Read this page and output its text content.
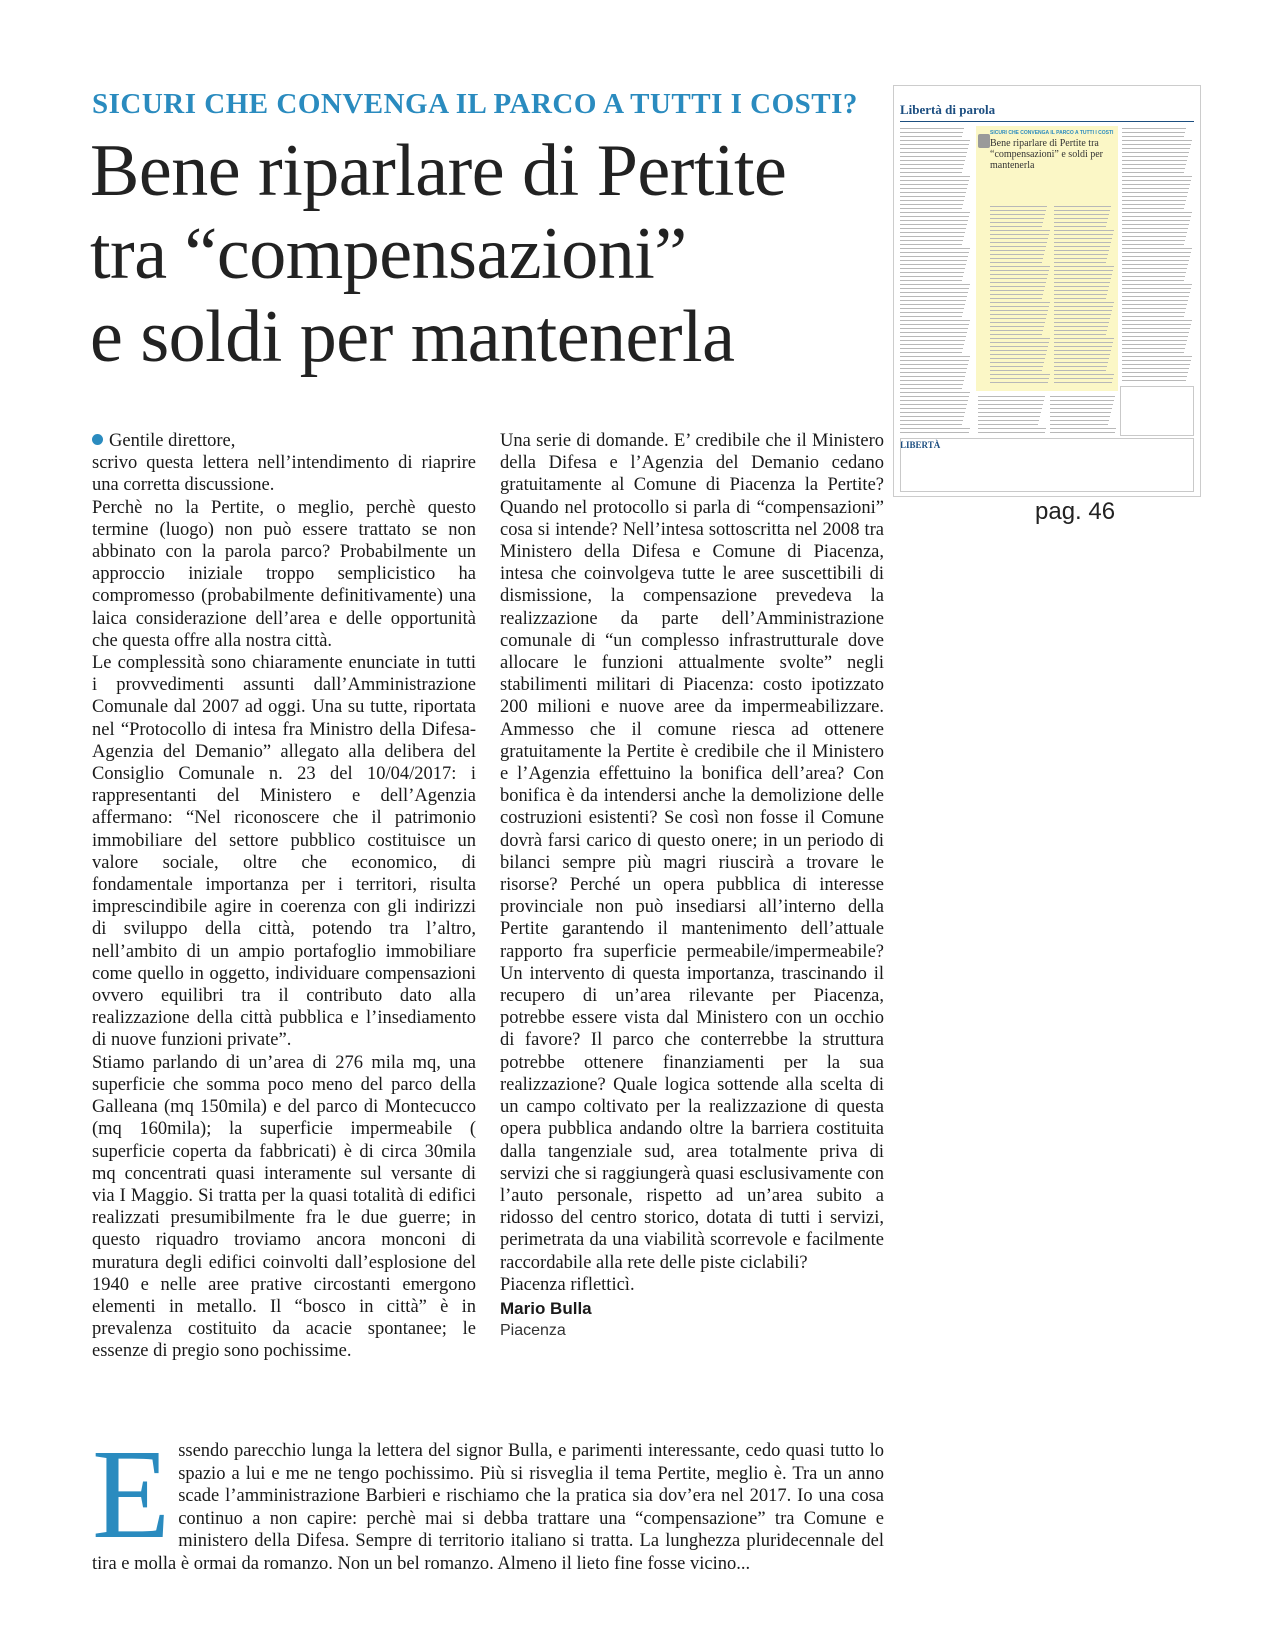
SICURI CHE CONVENGA IL PARCO A TUTTI I COSTI?
Bene riparlare di Pertite
tra “compensazioni”
e soldi per mantenerla

Gentile direttore,

scrivo questa lettera nell’intendimento di riaprire una corretta discussione.

Perchè no la Pertite, o meglio, perchè questo termine (luogo) non può essere trattato se non abbinato con la parola parco? Probabilmente un approccio iniziale troppo semplicistico ha compromesso (probabilmente definitivamente) una laica considerazione dell’area e delle opportunità che questa offre alla nostra città.

Le complessità sono chiaramente enunciate in tutti i provvedimenti assunti dall’Amministrazione Comunale dal 2007 ad oggi. Una su tutte, riportata nel “Protocollo di intesa fra Ministro della Difesa-Agenzia del Demanio” allegato alla delibera del Consiglio Comunale n. 23 del 10/04/2017: i rappresentanti del Ministero e dell’Agenzia affermano: “Nel riconoscere che il patrimonio immobiliare del settore pubblico costituisce un valore sociale, oltre che economico, di fondamentale importanza per i territori, risulta imprescindibile agire in coerenza con gli indirizzi di sviluppo della città, potendo tra l’altro, nell’ambito di un ampio portafoglio immobiliare come quello in oggetto, individuare compensazioni ovvero equilibri tra il contributo dato alla realizzazione della città pubblica e l’insediamento di nuove funzioni private”.

Stiamo parlando di un’area di 276 mila mq, una superficie che somma poco meno del parco della Galleana (mq 150mila) e del parco di Montecucco (mq 160mila); la superficie impermeabile ( superficie coperta da fabbricati) è di circa 30mila mq concentrati quasi interamente sul versante di via I Maggio. Si tratta per la quasi totalità di edifici realizzati presumibilmente fra le due guerre; in questo riquadro troviamo ancora monconi di muratura degli edifici coinvolti dall’esplosione del 1940 e nelle aree prative circostanti emergono elementi in metallo. Il “bosco in città” è in prevalenza costituito da acacie spontanee; le essenze di pregio sono pochissime.

Una serie di domande. E’ credibile che il Ministero della Difesa e l’Agenzia del Demanio cedano gratuitamente al Comune di Piacenza la Pertite? Quando nel protocollo si parla di “compensazioni” cosa si intende? Nell’intesa sottoscritta nel 2008 tra Ministero della Difesa e Comune di Piacenza, intesa che coinvolgeva tutte le aree suscettibili di dismissione, la compensazione prevedeva la realizzazione da parte dell’Amministrazione comunale di “un complesso infrastrutturale dove allocare le funzioni attualmente svolte” negli stabilimenti militari di Piacenza: costo ipotizzato 200 milioni e nuove aree da impermeabilizzare. Ammesso che il comune riesca ad ottenere gratuitamente la Pertite è credibile che il Ministero e l’Agenzia effettuino la bonifica dell’area? Con bonifica è da intendersi anche la demolizione delle costruzioni esistenti? Se così non fosse il Comune dovrà farsi carico di questo onere; in un periodo di bilanci sempre più magri riuscirà a trovare le risorse? Perché un opera pubblica di interesse provinciale non può insediarsi all’interno della Pertite garantendo il mantenimento dell’attuale rapporto fra superficie permeabile/impermeabile? Un intervento di questa importanza, trascinando il recupero di un’area rilevante per Piacenza, potrebbe essere vista dal Ministero con un occhio di favore? Il parco che conterrebbe la struttura potrebbe ottenere finanziamenti per la sua realizzazione? Quale logica sottende alla scelta di un campo coltivato per la realizzazione di questa opera pubblica andando oltre la barriera costituita dalla tangenziale sud, area totalmente priva di servizi che si raggiungerà quasi esclusivamente con l’auto personale, rispetto ad un’area subito a ridosso del centro storico, dotata di tutti i servizi, perimetrata da una viabilità scorrevole e facilmente raccordabile alla rete delle piste ciclabili?

Piacenza rifletticì.

Mario Bulla
Piacenza
E ssendo parecchio lunga la lettera del signor Bulla, e parimenti interessante, cedo quasi tutto lo spazio a lui e me ne tengo pochissimo. Più si risveglia il tema Pertite, meglio è. Tra un anno scade l’amministrazione Barbieri e rischiamo che la pratica sia dov’era nel 2017. Io una cosa continuo a non capire: perchè mai si debba trattare una “compensazione” tra Comune e ministero della Difesa. Sempre di territorio italiano si tratta. La lunghezza pluridecennale del tira e molla è ormai da romanzo. Non un bel romanzo. Almeno il lieto fine fosse vicino...

Libertà di parola
SICURI CHE CONVENGA IL PARCO A TUTTI I COSTI
Bene riparlare di Pertite tra “compensazioni” e soldi per mantenerla
LIBERTÀ
pag. 46
